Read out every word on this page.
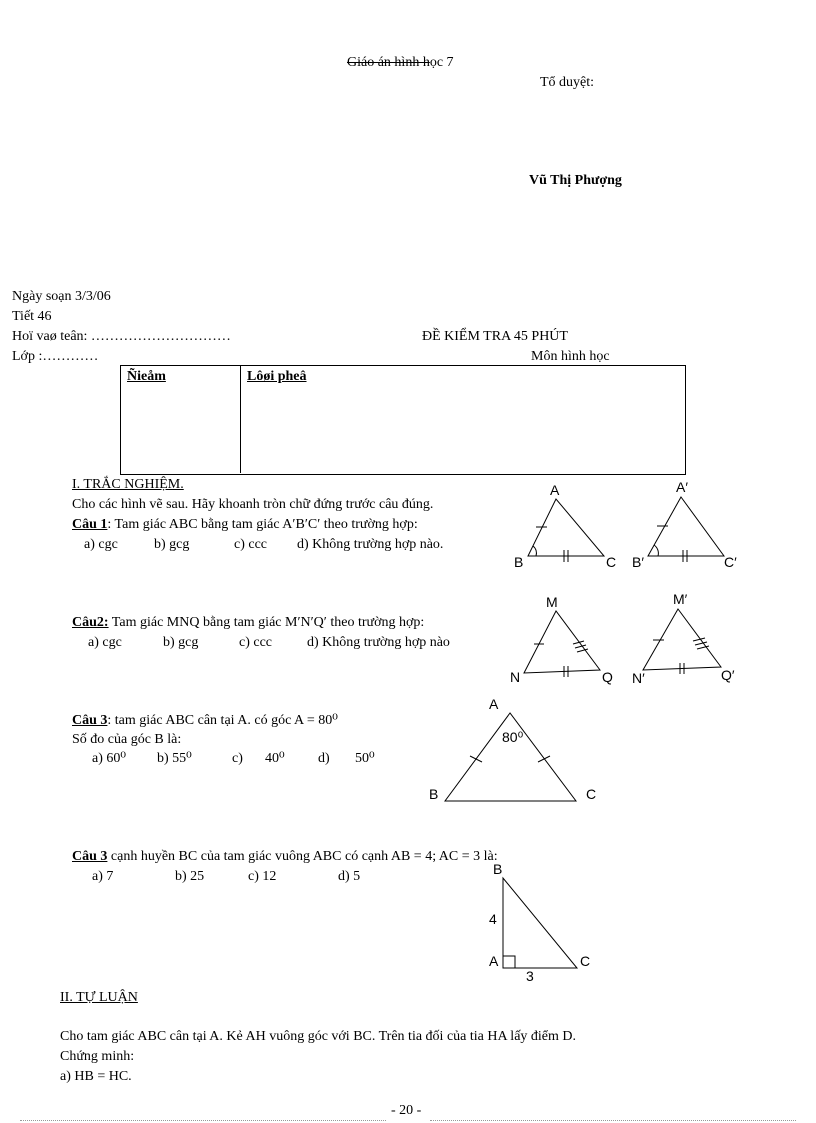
Giáo án hình học 7
Tổ duyệt:
Vũ Thị Phượng
Ngày soạn 3/3/06
Tiết 46
Hoï vaø teân: …………………………
Lớp :…………
ĐỀ KIỂM TRA 45 PHÚT
Môn hình học
Ñieåm	Lôøi pheâ
I. TRẮC NGHIỆM.
Cho các hình vẽ sau. Hãy khoanh tròn chữ đứng trước câu đúng.
Câu 1: Tam giác ABC bằng tam giác A′B′C′ theo trường hợp:
a) cgc	b) gcg	c) ccc d) Không trường hợp nào.
Câu2: Tam giác MNQ bằng tam giác M′N′Q′ theo trường hợp:
a) cgc	b) gcg	c) ccc d) Không trường hợp nào
Câu 3: tam giác ABC cân tại A. có góc A = 80⁰
Số đo của góc B là:
a) 60⁰ b) 55⁰	c) 40⁰ d) 50⁰
Câu 3 cạnh huyền BC của tam giác vuông ABC có cạnh AB = 4; AC = 3 là:
a) 7	b) 25	c) 12	d) 5
A
B	C
A′
B′	C′
M
N	Q
M′
N′	Q′
A
B	C
80⁰
B
A	C
4
3
II. TỰ LUẬN
Cho tam giác ABC cân tại A. Kẻ AH vuông góc với BC. Trên tia đối của tia HA lấy điểm D.
Chứng minh:
a) HB = HC.
- 20 -
